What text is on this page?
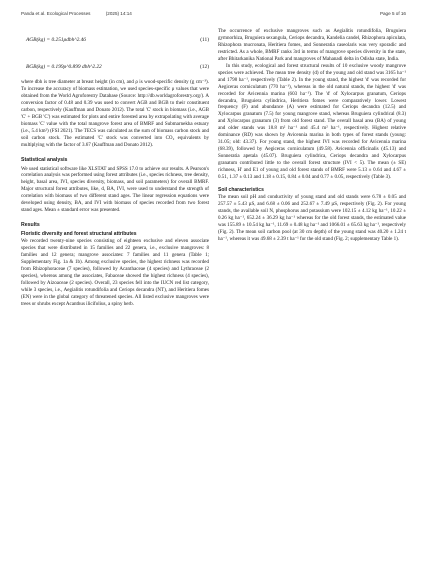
Panda et al. Ecological Processes	(2025) 14:14	Page 5 of 16
AGB(kg) = 0.251ρdbh^2.46	(11)
BGB(kg) = 0.199ρ^0.899 dbh^2.22	(12)

where dbh is tree diameter at breast height (in cm), and ρ is wood-specific density (g cm⁻³). To increase the accuracy of biomass estimation, we used species-specific ρ values that were obtained from the World Agroforestry Database (Source: http://db.worldagroforestry.org/). A conversion factor of 0.48 and 0.39 was used to convert AGB and BGB to their constituent carbon, respectively (Kauffman and Donato 2012). The total 'C' stock in biomass (i.e., AGB 'C' + BGB 'C') was estimated for plots and entire forested area by extrapolating with average biomass 'C' value with the total mangrove forest area of BMRF and Submarnekha estuary (i.e., 5.4 km²) (FSI 2021). The TECS was calculated as the sum of biomass carbon stock and soil carbon stock. The estimated 'C' stock was converted into CO₂ equivalents by multiplying with the factor of 3.67 (Kauffman and Donato 2012).

Statistical analysis

We used statistical software like XLSTAT and SPSS 17.0 to achieve our results. A Pearson's correlation analysis was performed using forest attributes (i.e., species richness, tree density, height, basal area, IVI, species diversity, biomass, and soil parameters) for overall BMRF. Major structural forest attributes, like, d, BA, IVI, were used to understand the strength of correlation with biomass of two different stand ages. The linear regression equations were developed using density, BA, and IVI with biomass of species recorded from two forest stand ages. Mean ± standard error was presented.

Results
Floristic diversity and forest structural attributes

We recorded twenty-nine species consisting of eighteen exclusive and eleven associate species that were distributed in 15 families and 22 genera, i.e., exclusive mangroves: 8 families and 12 genera; mangrove associates: 7 families and 11 genera (Table 1; Supplementary Fig. 1a & 1b). Among exclusive species, the highest richness was recorded from Rhizophoraceae (7 species), followed by Acanthaceae (4 species) and Lythraceae (2 species), whereas among the associates, Fabaceae showed the highest richness (4 species), followed by Aizoaceae (2 species). Overall, 23 species fell into the IUCN red list category, while 3 species, i.e., Aegialitis rotundifolia and Ceriops decandra (NT), and Heritiera fomes (EN) were in the global category of threatened species. All listed exclusive mangroves were trees or shrubs except Acanthus ilicifolius, a spiny herb.

The occurrence of exclusive mangroves such as Aegialitis rotundifolia, Bruguiera gymnorhiza, Bruguiera sexangula, Ceriops decandra, Kandelia candel, Rhizophora apiculata, Rhizophora mucronata, Heritiera fomes, and Sonneratia caseolaris was very sporadic and restricted. As a whole, BMRF ranks 3rd in terms of mangrove species diversity in the state, after Bhitarkanika National Park and mangroves of Mahanadi delta in Odisha state, India.

In this study, ecological and forest structural results of 10 exclusive woody mangrove species were achieved. The mean tree density (d) of the young and old stand was 3165 ha⁻¹ and 1798 ha⁻¹, respectively (Table 2). In the young stand, the highest 'd' was recorded for Aegiceras corniculatum (770 ha⁻¹), whereas in the old natural stands, the highest 'd' was recorded for Avicennia marina (603 ha⁻¹). The 'd' of Xylocarpus granatum, Ceriops decandra, Bruguiera cylindrica, Heritiera fomes were comparatively lower. Lowest frequency (F) and abundance (A) were estimated for Ceriops decandra (12.5) and Xylocarpus granatum (7.5) for young mangrove stand, whereas Bruguiera cylindrical (8.3) and Xylocarpus granatum (3) from old forest stand. The overall basal area (BA) of young and older stands was 18.8 m² ha⁻¹ and 45.4 m² ha⁻¹, respectively. Highest relative dominance (RD) was shown by Avicennia marina in both types of forest stands (young: 31.05; old: 43.37). For young stand, the highest IVI was recorded for Avicennia marina (68.39), followed by Aegiceras corniculatum (49.58). Avicennia officinalis (45.13) and Sonneratia apetala (45.07). Bruguiera cylindrica, Ceriops decandra and Xylocarpus granatum contributed little to the overall forest structure (IVI < 5). The mean (± SE) richness, H' and E1 of young and old forest stands of BMRF were 5.13 ± 0.64 and 4.67 ± 0.51, 1.37 ± 0.13 and 1.18 ± 0.15, 0.84 ± 0.04 and 0.77 ± 0.05, respectively (Table 3).

Soil characteristics

The mean soil pH and conductivity of young stand and old stands were 6.78 ± 0.05 and 257.57 ± 5.43 µS, and 6.68 ± 0.06 and 252.67 ± 7.49 µS, respectively (Fig. 2). For young stands, the available soil N, phosphorus and potassium were 102.15 ± 4.12 kg ha⁻¹, 10.22 ± 0.26 kg ha⁻¹, 652.24 ± 36.29 kg ha⁻¹ whereas for the old forest stands, the estimated value was 155.89 ± 10.54 kg ha⁻¹, 11.69 ± 0.48 kg ha⁻¹ and 1066.01 ± 65.63 kg ha⁻¹, respectively (Fig. 2). The mean soil carbon pool (at 30 cm depth) of the young stand was 40.20 ± 1.24 t ha⁻¹, whereas it was 49.68 ± 2.39 t ha⁻¹ for the old stand (Fig. 2; supplementary Table 1).
